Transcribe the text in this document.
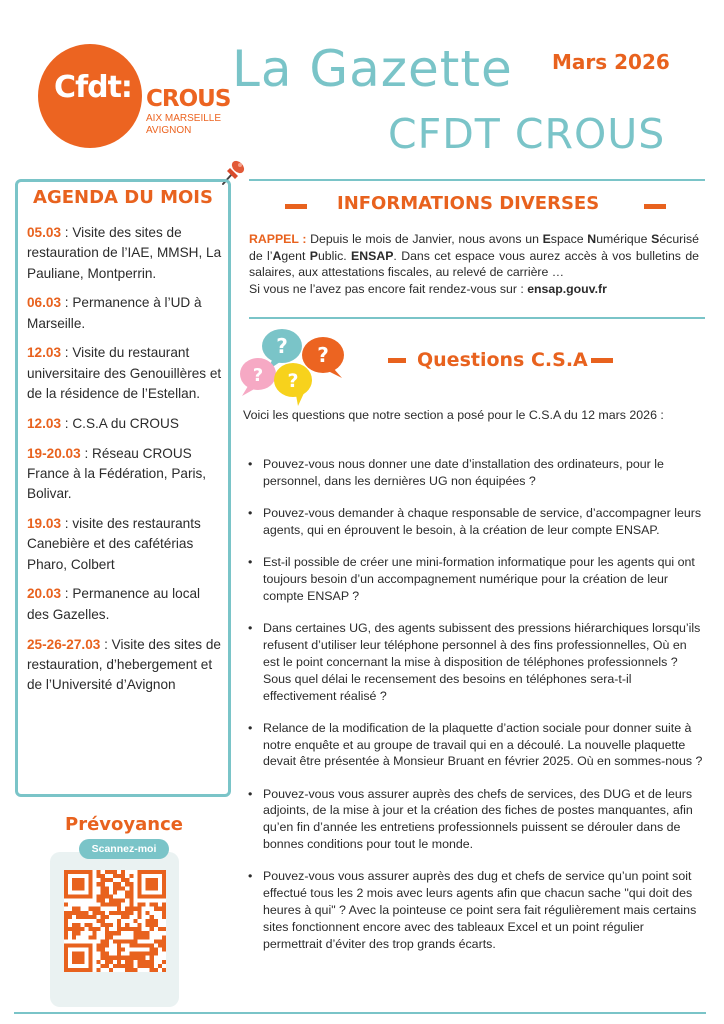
Cfdt: CROUS
AIX MARSEILLE
AVIGNON
La Gazette
CFDT CROUS
Mars 2026
AGENDA DU MOIS
05.03 : Visite des sites de restauration de l’IAE, MMSH, La Pauliane, Montperrin.
06.03 : Permanence à l’UD à Marseille.
12.03 : Visite du restaurant universitaire des Genouillères et de la résidence de l’Estellan.
12.03 : C.S.A du CROUS
19-20.03 : Réseau CROUS France à la Fédération, Paris, Bolivar.
19.03 : visite des restaurants Canebière et des cafétérias Pharo, Colbert
20.03 : Permanence au local des Gazelles.
25-26-27.03 : Visite des sites de restauration, d’hebergement et de l’Université d’Avignon
Prévoyance
Scannez-moi
INFORMATIONS DIVERSES
RAPPEL : Depuis le mois de Janvier, nous avons un Espace Numérique Sécurisé de l’Agent Public. ENSAP. Dans cet espace vous aurez accès à vos bulletins de salaires, aux attestations fiscales, au relevé de carrière …
Si vous ne l’avez pas encore fait rendez-vous sur : ensap.gouv.fr
? ?
? ?
Questions C.S.A
Voici les questions que notre section a posé pour le C.S.A du 12 mars 2026 :
• Pouvez-vous nous donner une date d’installation des ordinateurs, pour le personnel, dans les dernières UG non équipées ?
• Pouvez-vous demander à chaque responsable de service, d’accompagner leurs agents, qui en éprouvent le besoin, à la création de leur compte ENSAP.
• Est-il possible de créer une mini-formation informatique pour les agents qui ont toujours besoin d’un accompagnement numérique pour la création de leur compte ENSAP ?
• Dans certaines UG, des agents subissent des pressions hiérarchiques lorsqu’ils refusent d’utiliser leur téléphone personnel à des fins professionnelles, Où en est le point concernant la mise à disposition de téléphones professionnels ? Sous quel délai le recensement des besoins en téléphones sera-t-il effectivement réalisé ?
• Relance de la modification de la plaquette d’action sociale pour donner suite à notre enquête et au groupe de travail qui en a découlé. La nouvelle plaquette devait être présentée à Monsieur Bruant en février 2025. Où en sommes-nous ?
• Pouvez-vous vous assurer auprès des chefs de services, des DUG et de leurs adjoints, de la mise à jour et la création des fiches de postes manquantes, afin qu’en fin d’année les entretiens professionnels puissent se dérouler dans de bonnes conditions pour tout le monde.
• Pouvez-vous vous assurer auprès des dug et chefs de service qu’un point soit effectué tous les 2 mois avec leurs agents afin que chacun sache "qui doit des heures à qui" ? Avec la pointeuse ce point sera fait régulièrement mais certains sites fonctionnent encore avec des tableaux Excel et un point régulier permettrait d’éviter des trop grands écarts.
